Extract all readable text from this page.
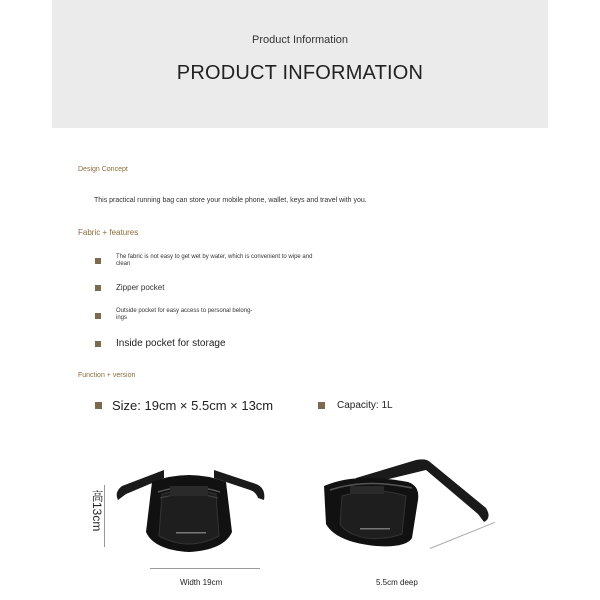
Product Information
PRODUCT INFORMATION
Design Concept
This practical running bag can store your mobile phone, wallet, keys and travel with you.
Fabric + features
The fabric is not easy to get wet by water, which is convenient to wipe and
clean
Zipper pocket
Outside pocket for easy access to personal belong-
ings
Inside pocket for storage
Function + version
Size: 19cm × 5.5cm × 13cm	Capacity: 1L
高13cm
Width 19cm	5.5cm deep
